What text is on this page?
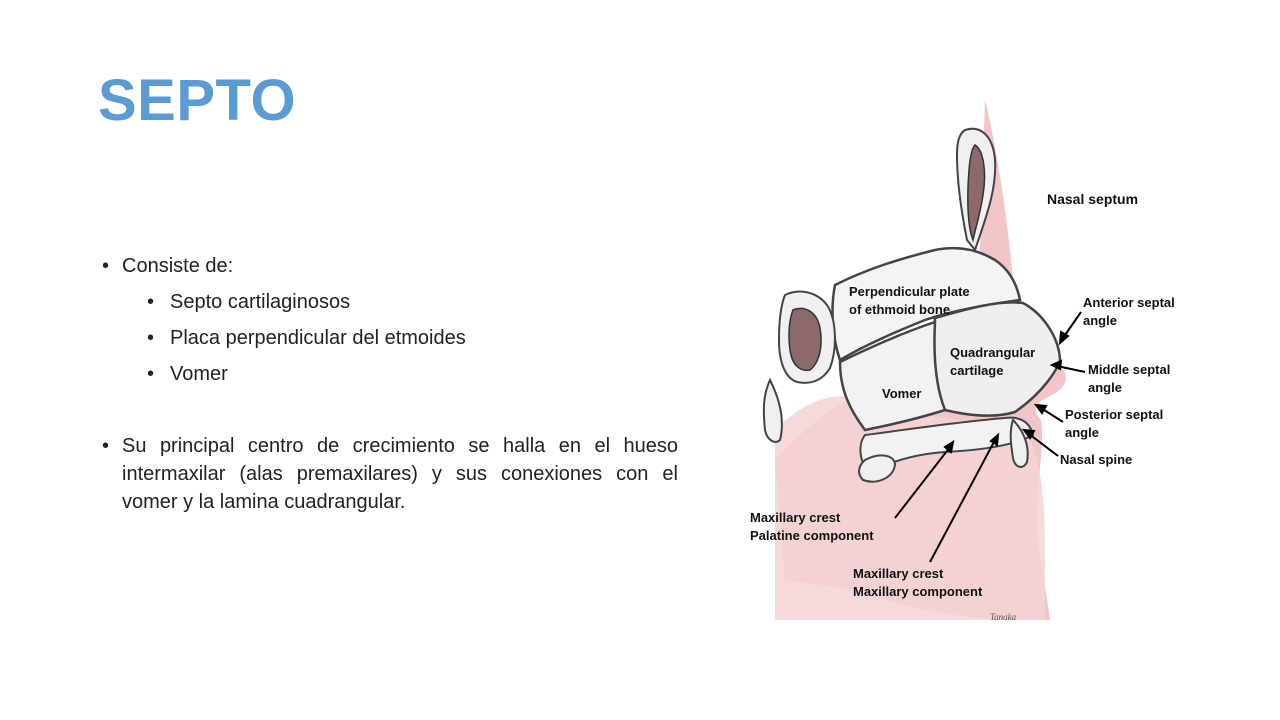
SEPTO
• Consiste de:
• Septo cartilaginosos
• Placa perpendicular del etmoides
• Vomer
• Su principal centro de crecimiento se halla en el hueso intermaxilar (alas premaxilares) y sus conexiones con el vomer y la lamina cuadrangular.
Nasal septum
Perpendicular plate
of ethmoid bone
Quadrangular
cartilage
Vomer
Anterior septal
angle
Middle septal
angle
Posterior septal
angle
Nasal spine
Maxillary crest
Palatine component
Maxillary crest
Maxillary component
Tanaka
